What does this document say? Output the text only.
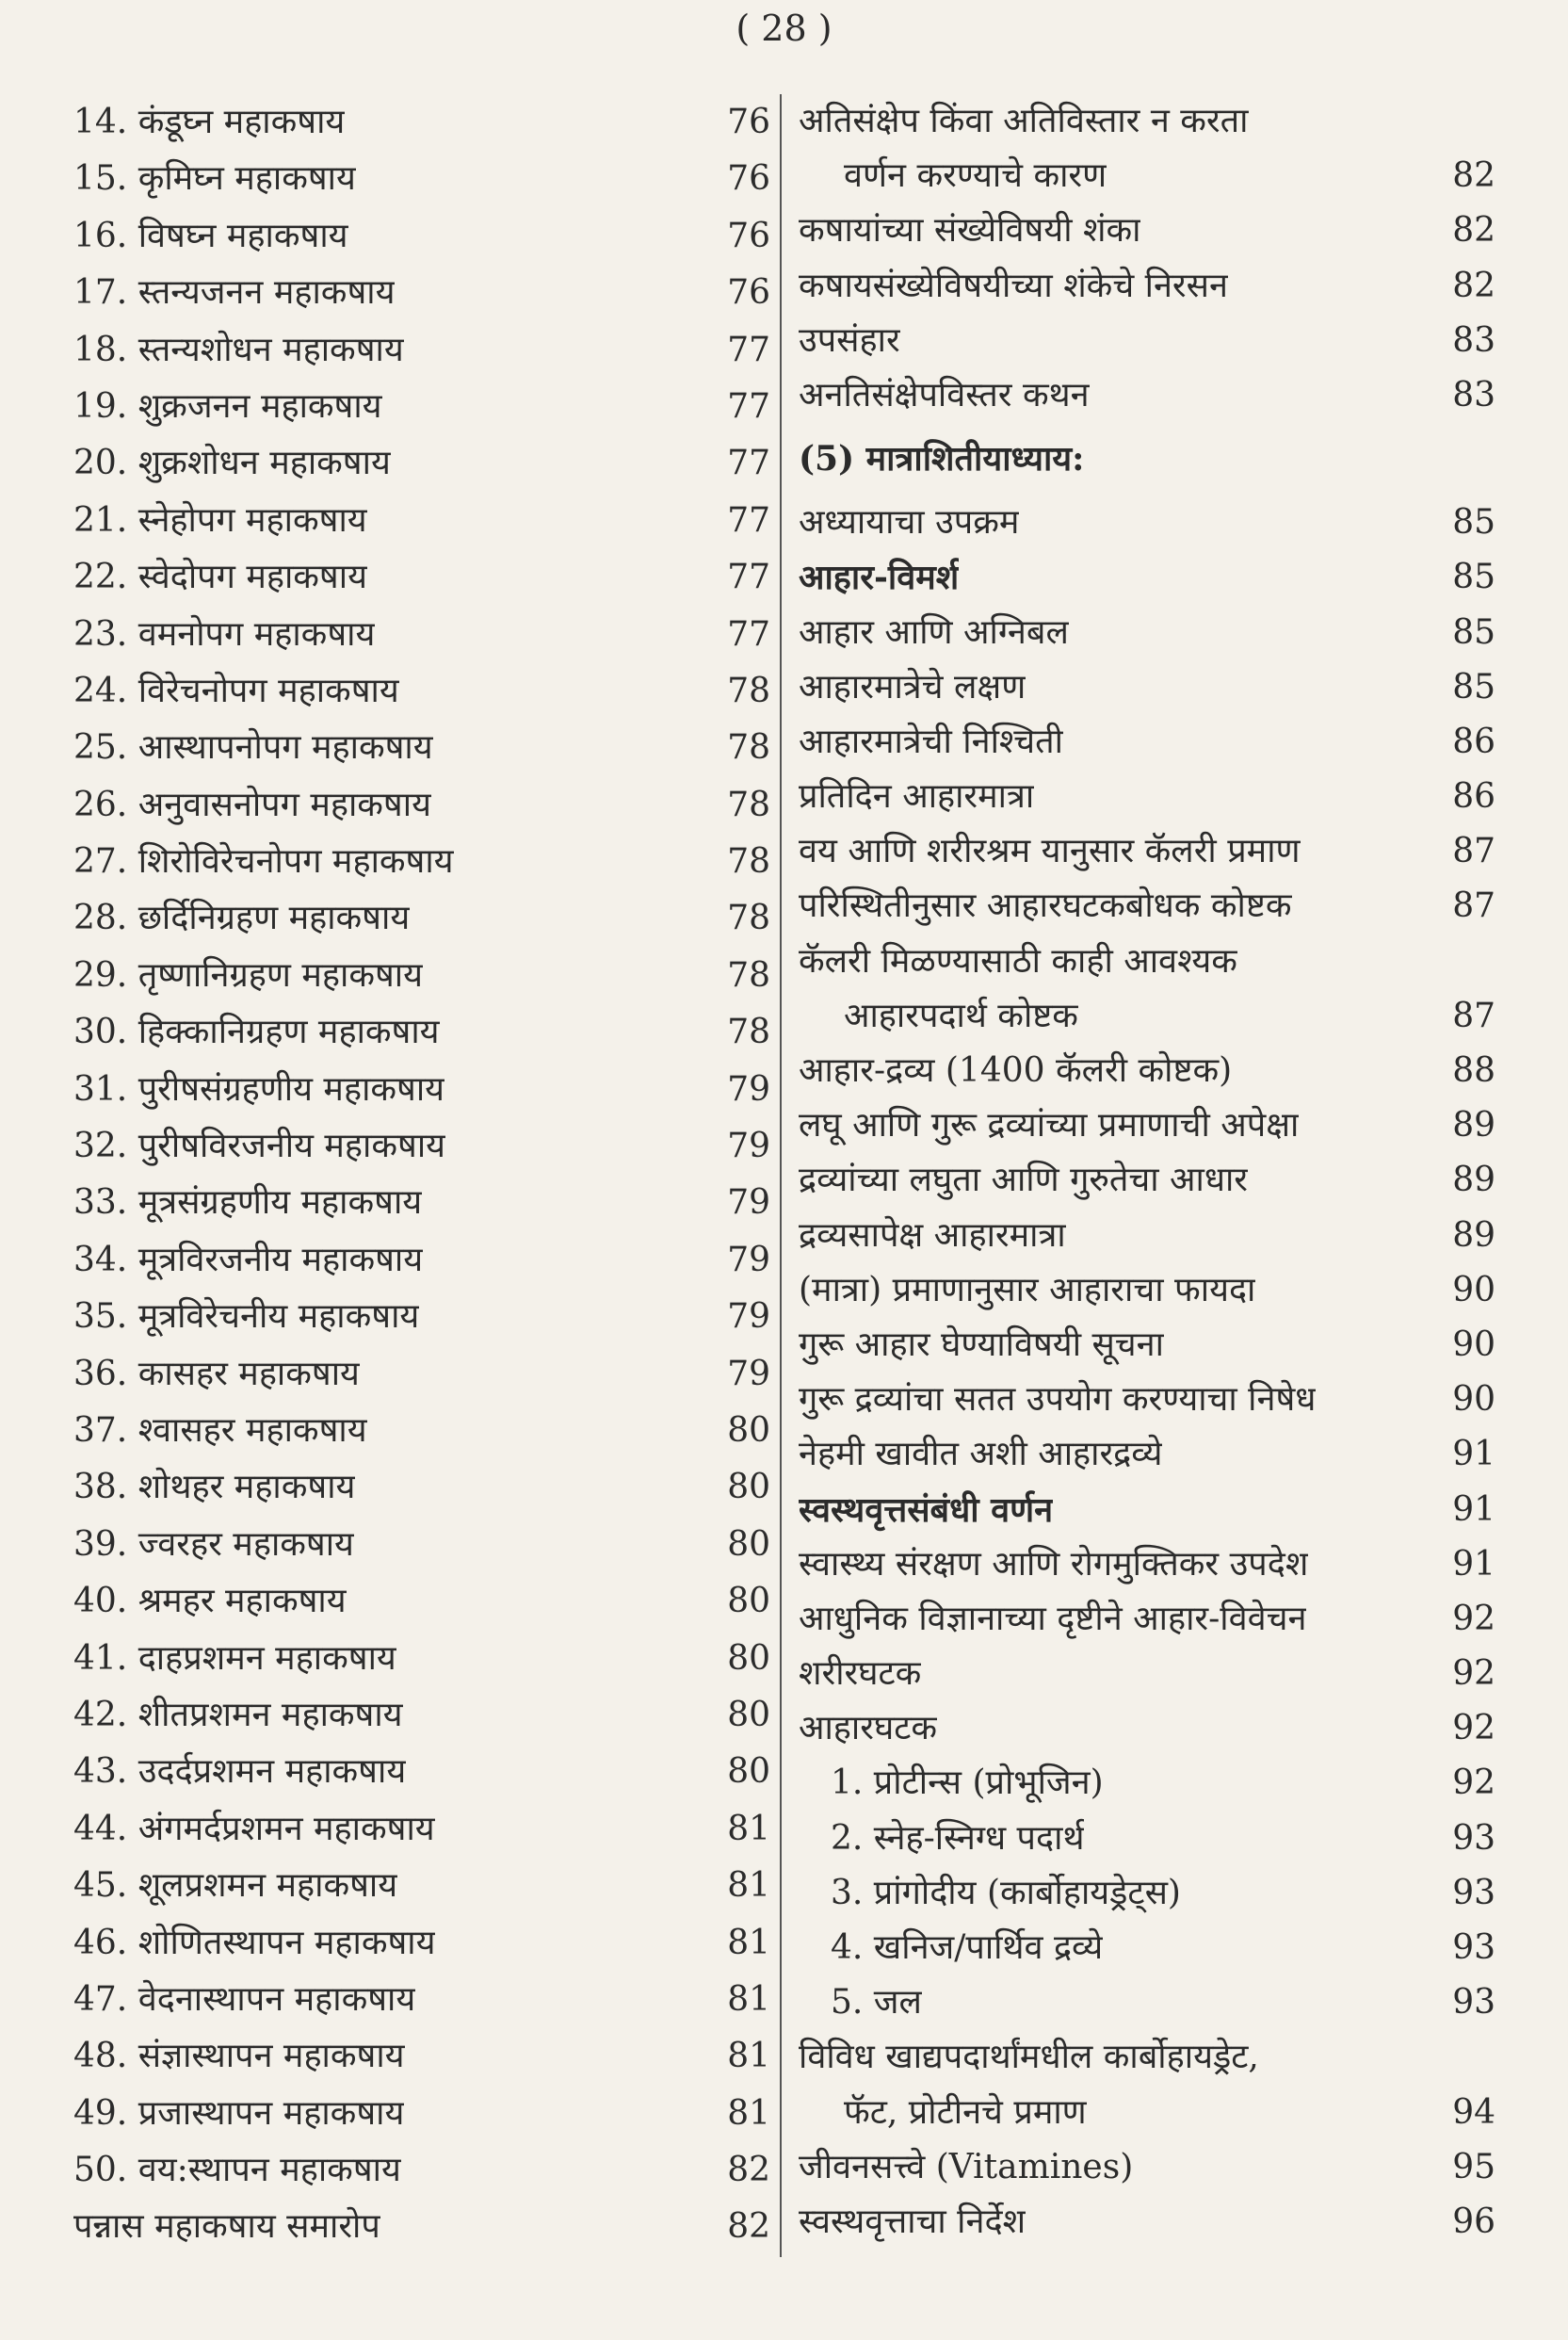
( 28 )
14. कंडूघ्न महाकषाय	76
15. कृमिघ्न महाकषाय	76
16. विषघ्न महाकषाय	76
17. स्तन्यजनन महाकषाय	76
18. स्तन्यशोधन महाकषाय	77
19. शुक्रजनन महाकषाय	77
20. शुक्रशोधन महाकषाय	77
21. स्नेहोपग महाकषाय	77
22. स्वेदोपग महाकषाय	77
23. वमनोपग महाकषाय	77
24. विरेचनोपग महाकषाय	78
25. आस्थापनोपग महाकषाय	78
26. अनुवासनोपग महाकषाय	78
27. शिरोविरेचनोपग महाकषाय	78
28. छर्दिनिग्रहण महाकषाय	78
29. तृष्णानिग्रहण महाकषाय	78
30. हिक्कानिग्रहण महाकषाय	78
31. पुरीषसंग्रहणीय महाकषाय	79
32. पुरीषविरजनीय महाकषाय	79
33. मूत्रसंग्रहणीय महाकषाय	79
34. मूत्रविरजनीय महाकषाय	79
35. मूत्रविरेचनीय महाकषाय	79
36. कासहर महाकषाय	79
37. श्वासहर महाकषाय	80
38. शोथहर महाकषाय	80
39. ज्वरहर महाकषाय	80
40. श्रमहर महाकषाय	80
41. दाहप्रशमन महाकषाय	80
42. शीतप्रशमन महाकषाय	80
43. उदर्दप्रशमन महाकषाय	80
44. अंगमर्दप्रशमन महाकषाय	81
45. शूलप्रशमन महाकषाय	81
46. शोणितस्थापन महाकषाय	81
47. वेदनास्थापन महाकषाय	81
48. संज्ञास्थापन महाकषाय	81
49. प्रजास्थापन महाकषाय	81
50. वय:स्थापन महाकषाय	82
पन्नास महाकषाय समारोप	82
अतिसंक्षेप किंवा अतिविस्तार न करता
वर्णन करण्याचे कारण	82
कषायांच्या संख्येविषयी शंका	82
कषायसंख्येविषयीच्या शंकेचे निरसन	82
उपसंहार	83
अनतिसंक्षेपविस्तर कथन	83
(5) मात्राशितीयाध्याय:
अध्यायाचा उपक्रम	85
आहार-विमर्श	85
आहार आणि अग्निबल	85
आहारमात्रेचे लक्षण	85
आहारमात्रेची निश्चिती	86
प्रतिदिन आहारमात्रा	86
वय आणि शरीरश्रम यानुसार कॅलरी प्रमाण	87
परिस्थितीनुसार आहारघटकबोधक कोष्टक	87
कॅलरी मिळण्यासाठी काही आवश्यक
आहारपदार्थ कोष्टक	87
आहार-द्रव्य (1400 कॅलरी कोष्टक)	88
लघू आणि गुरू द्रव्यांच्या प्रमाणाची अपेक्षा	89
द्रव्यांच्या लघुता आणि गुरुतेचा आधार	89
द्रव्यसापेक्ष आहारमात्रा	89
(मात्रा) प्रमाणानुसार आहाराचा फायदा	90
गुरू आहार घेण्याविषयी सूचना	90
गुरू द्रव्यांचा सतत उपयोग करण्याचा निषेध	90
नेहमी खावीत अशी आहारद्रव्ये	91
स्वस्थवृत्तसंबंधी वर्णन	91
स्वास्थ्य संरक्षण आणि रोगमुक्तिकर उपदेश	91
आधुनिक विज्ञानाच्या दृष्टीने आहार-विवेचन	92
शरीरघटक	92
आहारघटक	92
1. प्रोटीन्स (प्रोभूजिन)	92
2. स्नेह-स्निग्ध पदार्थ	93
3. प्रांगोदीय (कार्बोहायड्रेट्स)	93
4. खनिज/पार्थिव द्रव्ये	93
5. जल	93
विविध खाद्यपदार्थांमधील कार्बोहायड्रेट,
फॅट, प्रोटीनचे प्रमाण	94
जीवनसत्त्वे (Vitamines)	95
स्वस्थवृत्ताचा निर्देश	96
